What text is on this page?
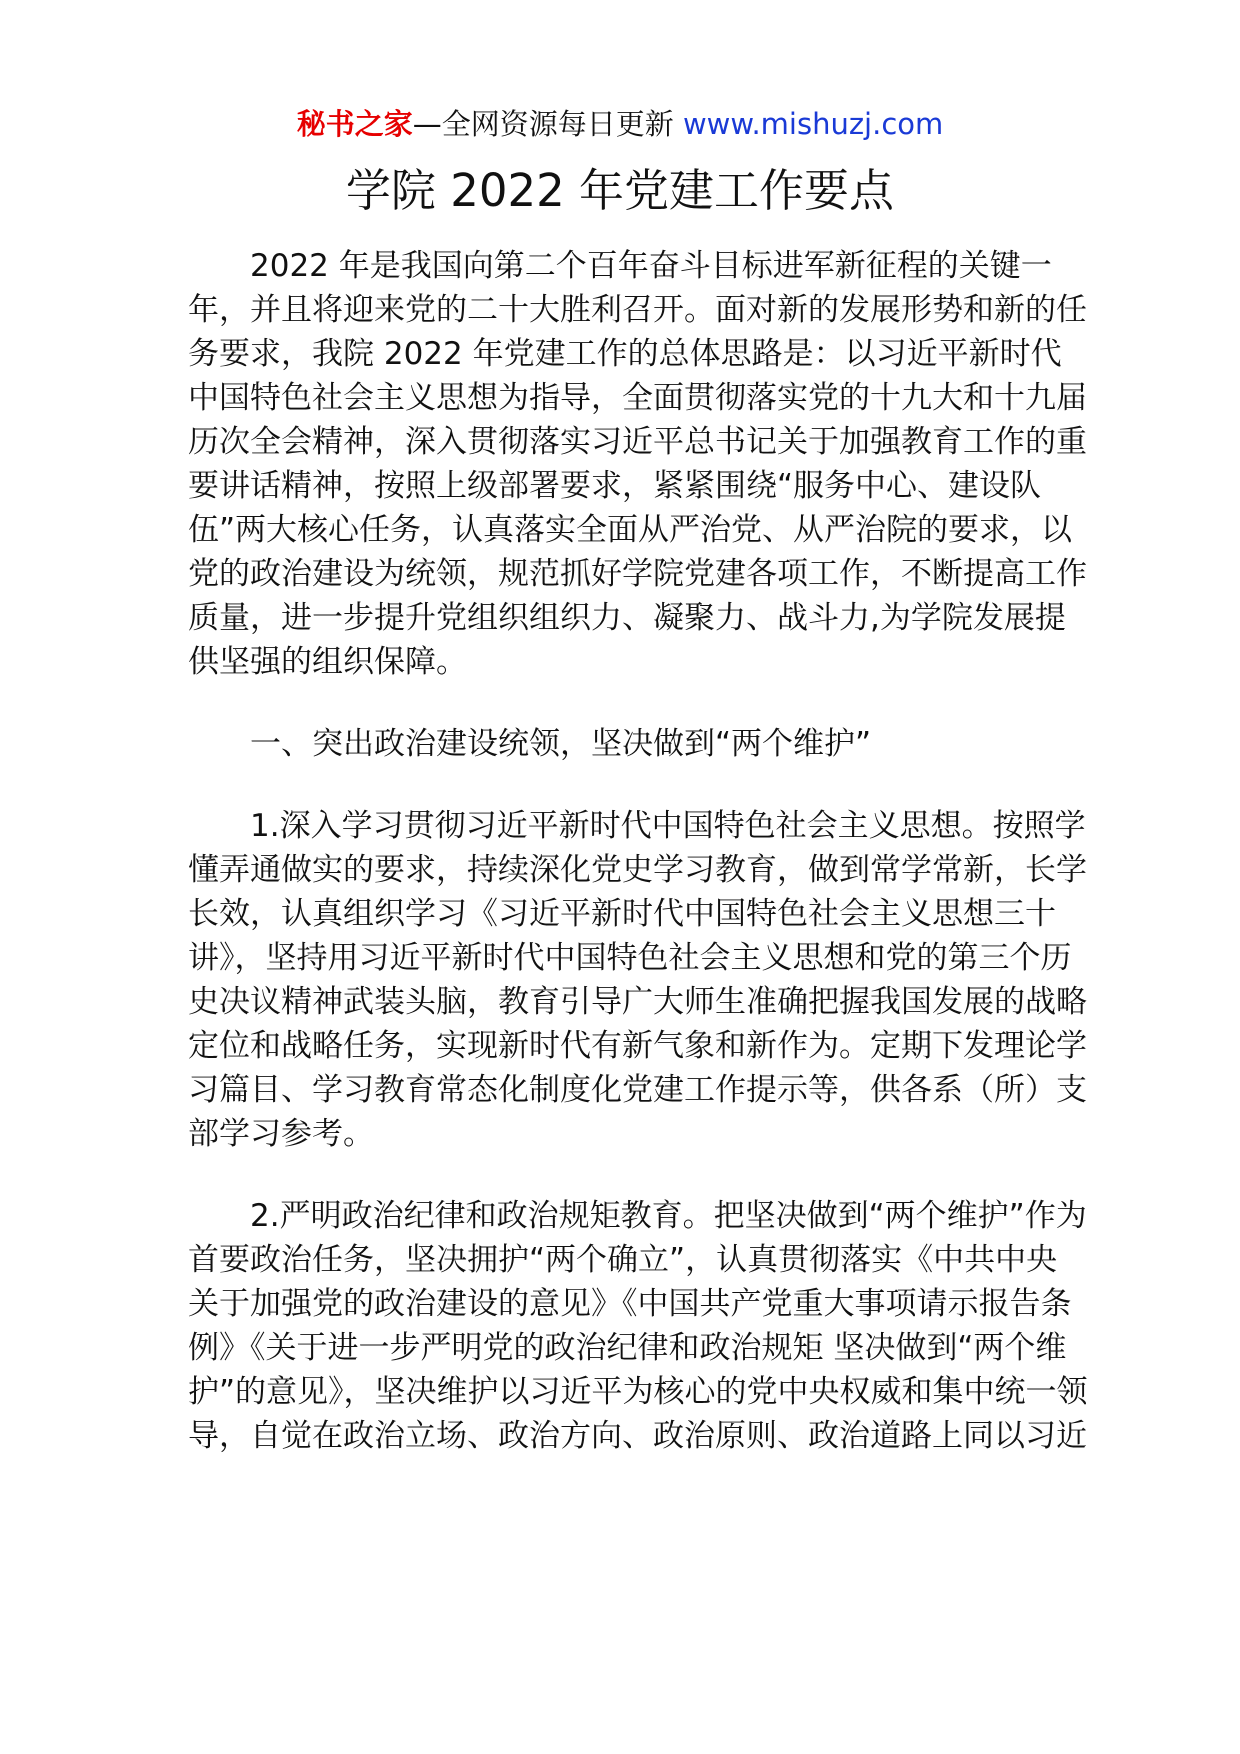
秘书之家—全网资源每日更新 www.mishuzj.com
学院 2022 年党建工作要点

2022 年是我国向第二个百年奋斗目标进军新征程的关键一年，并且将迎来党的二十大胜利召开。面对新的发展形势和新的任务要求，我院 2022 年党建工作的总体思路是：以习近平新时代中国特色社会主义思想为指导，全面贯彻落实党的十九大和十九届历次全会精神，深入贯彻落实习近平总书记关于加强教育工作的重要讲话精神，按照上级部署要求，紧紧围绕“服务中心、建设队伍”两大核心任务，认真落实全面从严治党、从严治院的要求，以党的政治建设为统领，规范抓好学院党建各项工作，不断提高工作质量，进一步提升党组织组织力、凝聚力、战斗力,为学院发展提供坚强的组织保障。

一、突出政治建设统领，坚决做到“两个维护”

1.深入学习贯彻习近平新时代中国特色社会主义思想。按照学懂弄通做实的要求，持续深化党史学习教育，做到常学常新，长学长效，认真组织学习《习近平新时代中国特色社会主义思想三十讲》，坚持用习近平新时代中国特色社会主义思想和党的第三个历史决议精神武装头脑，教育引导广大师生准确把握我国发展的战略定位和战略任务，实现新时代有新气象和新作为。定期下发理论学习篇目、学习教育常态化制度化党建工作提示等，供各系（所）支部学习参考。

2.严明政治纪律和政治规矩教育。把坚决做到“两个维护”作为首要政治任务，坚决拥护“两个确立”，认真贯彻落实《中共中央关于加强党的政治建设的意见》《中国共产党重大事项请示报告条例》《关于进一步严明党的政治纪律和政治规矩 坚决做到“两个维护”的意见》，坚决维护以习近平为核心的党中央权威和集中统一领导，自觉在政治立场、政治方向、政治原则、政治道路上同以习近
